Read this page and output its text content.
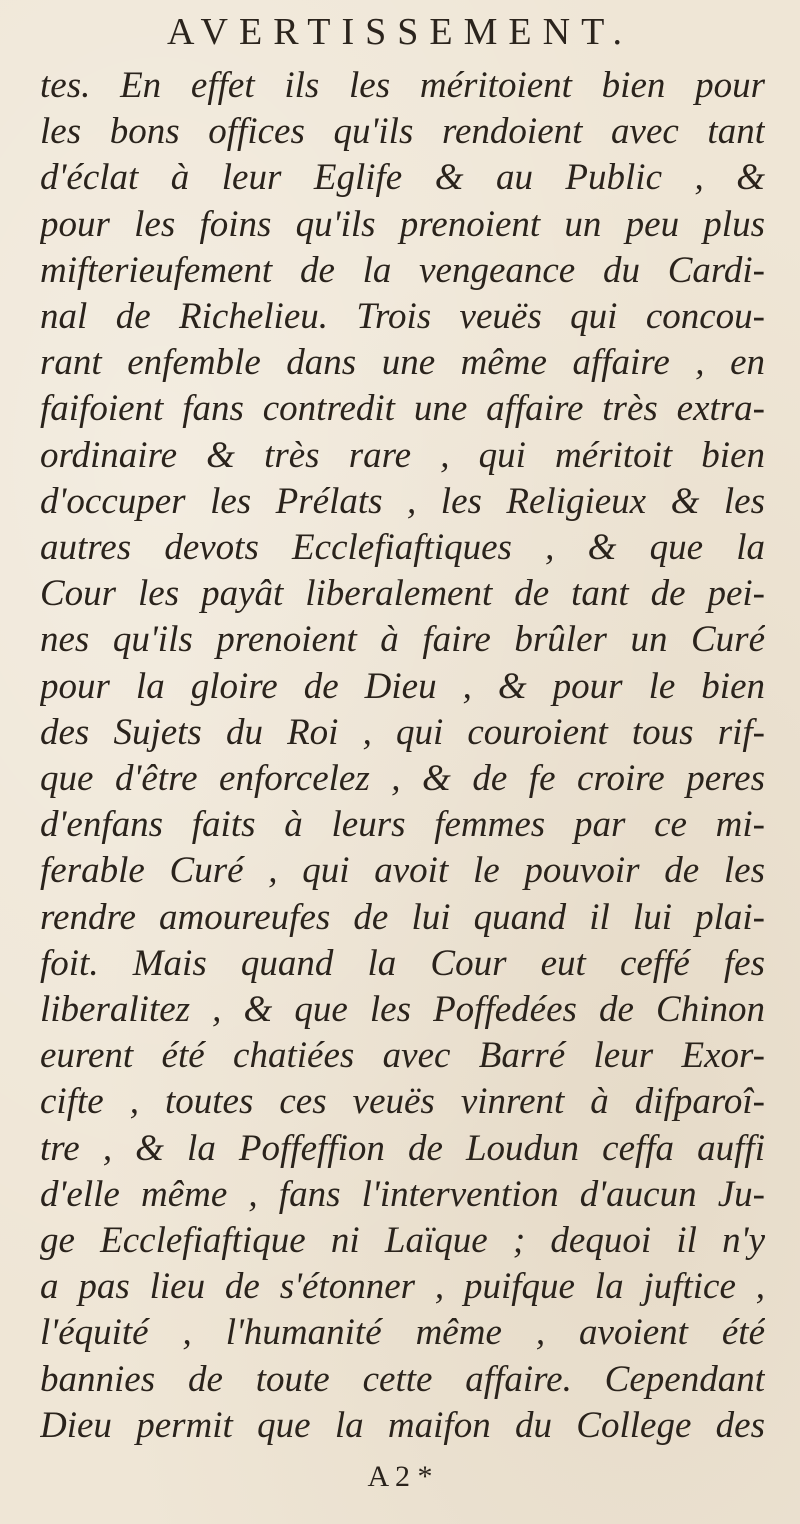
AVERTISSEMENT.
tes. En effet ils les méritoient bien pour
les bons offices qu'ils rendoient avec tant
d'éclat à leur Eglife & au Public , &
pour les foins qu'ils prenoient un peu plus
mifterieufement de la vengeance du Cardi-
nal de Richelieu. Trois veuës qui concou-
rant enfemble dans une même affaire , en
faifoient fans contredit une affaire très extra-
ordinaire & très rare , qui méritoit bien
d'occuper les Prélats , les Religieux & les
autres devots Ecclefiaftiques , & que la
Cour les payât liberalement de tant de pei-
nes qu'ils prenoient à faire brûler un Curé
pour la gloire de Dieu , & pour le bien
des Sujets du Roi , qui couroient tous rif-
que d'être enforcelez , & de fe croire peres
d'enfans faits à leurs femmes par ce mi-
ferable Curé , qui avoit le pouvoir de les
rendre amoureufes de lui quand il lui plai-
foit. Mais quand la Cour eut ceffé fes
liberalitez , & que les Poffedées de Chinon
eurent été chatiées avec Barré leur Exor-
cifte , toutes ces veuës vinrent à difparoî-
tre , & la Poffeffion de Loudun ceffa auffi
d'elle même , fans l'intervention d'aucun Ju-
ge Ecclefiaftique ni Laïque ; dequoi il n'y
a pas lieu de s'étonner , puifque la juftice ,
l'équité , l'humanité même , avoient été
bannies de toute cette affaire. Cependant
Dieu permit que la maifon du College des
A 2 *
